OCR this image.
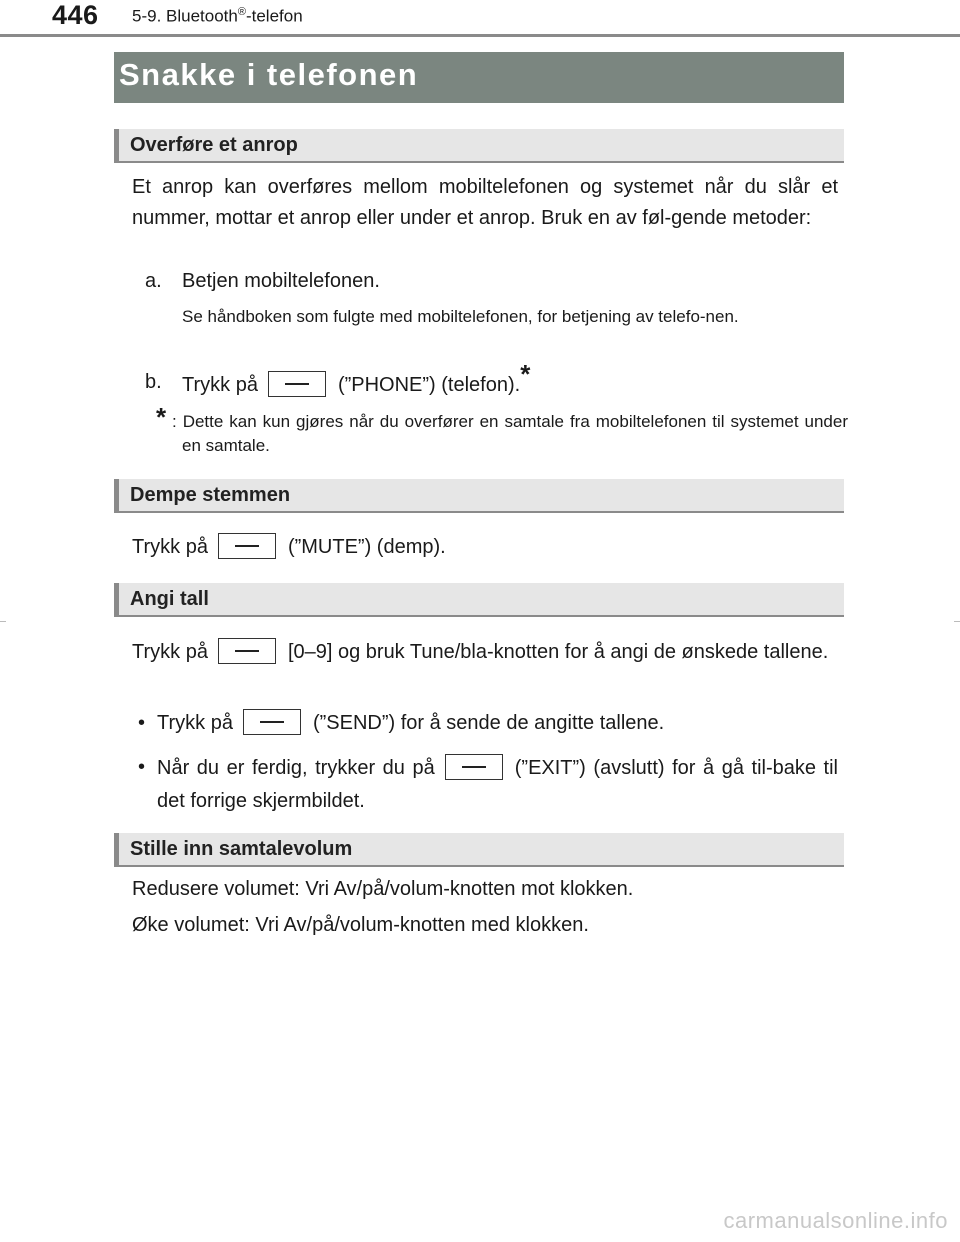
446 5-9. Bluetooth®-telefon
Snakke i telefonen
Overføre et anrop
Et anrop kan overføres mellom mobiltelefonen og systemet når du slår et nummer, mottar et anrop eller under et anrop. Bruk en av føl-gende metoder:
a. Betjen mobiltelefonen.
Se håndboken som fulgte med mobiltelefonen, for betjening av telefo-nen.
b. Trykk på	(”PHONE”) (telefon).*
* : Dette kan kun gjøres når du overfører en samtale fra mobiltelefonen til systemet under en samtale.
Dempe stemmen
Trykk på	(”MUTE”) (demp).
Angi tall
Trykk på	[0–9] og bruk Tune/bla-knotten for å angi de ønskede tallene.
• Trykk på	(”SEND”) for å sende de angitte tallene.
• Når du er ferdig, trykker du på	(”EXIT”) (avslutt) for å gå til-bake til det forrige skjermbildet.
Stille inn samtalevolum
Redusere volumet: Vri Av/på/volum-knotten mot klokken.
Øke volumet: Vri Av/på/volum-knotten med klokken.
carmanualsonline.info
